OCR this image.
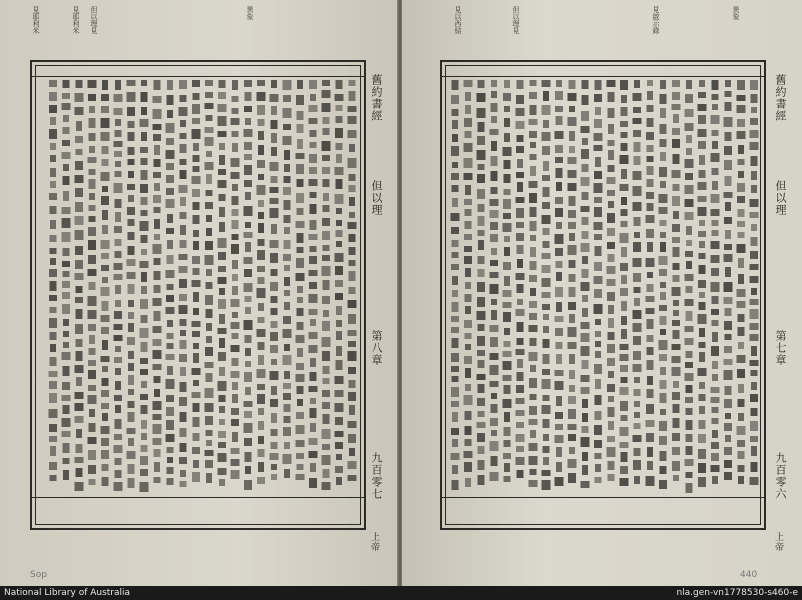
見耶利米	見耶利米 但以理見	異象
舊約書經
但以理
第八章
九百零七
上帝
Sop
見以西結	但以理見	見啟示錄	異象
舊約書經
但以理
第七章
九百零六
上帝
440
National Library of Australia	nla.gen-vn1778530-s460-e
